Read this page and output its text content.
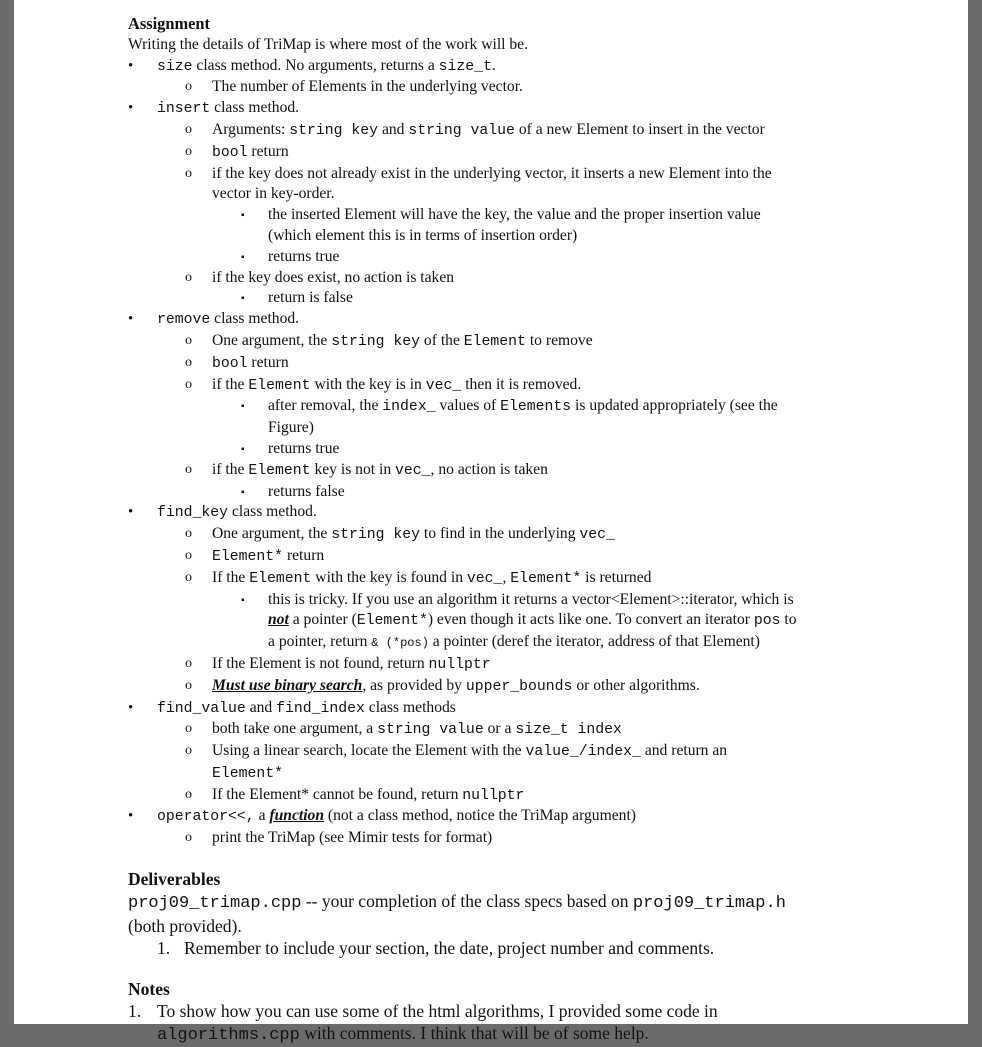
Assignment
Writing the details of TriMap is where most of the work will be.
• size class method. No arguments, returns a size_t.
o The number of Elements in the underlying vector.
• insert class method.
o Arguments: string key and string value of a new Element to insert in the vector
o bool return
o if the key does not already exist in the underlying vector, it inserts a new Element into the
vector in key-order.
▪ the inserted Element will have the key, the value and the proper insertion value
(which element this is in terms of insertion order)
▪ returns true
o if the key does exist, no action is taken
▪ return is false
• remove class method.
o One argument, the string key of the Element to remove
o bool return
o if the Element with the key is in vec_ then it is removed.
▪ after removal, the index_ values of Elements is updated appropriately (see the
Figure)
▪ returns true
o if the Element key is not in vec_, no action is taken
▪ returns false
• find_key class method.
o One argument, the string key to find in the underlying vec_
o Element* return
o If the Element with the key is found in vec_, Element* is returned
▪ this is tricky. If you use an algorithm it returns a vector<Element>::iterator, which is
not a pointer (Element*) even though it acts like one. To convert an iterator pos to
a pointer, return & (*pos) a pointer (deref the iterator, address of that Element)
o If the Element is not found, return nullptr
o Must use binary search, as provided by upper_bounds or other algorithms.
• find_value and find_index class methods
o both take one argument, a string value or a size_t index
o Using a linear search, locate the Element with the value_/index_ and return an
Element*
o If the Element* cannot be found, return nullptr
• operator<<, a function (not a class method, notice the TriMap argument)
o print the TriMap (see Mimir tests for format)
Deliverables
proj09_trimap.cpp -- your completion of the class specs based on proj09_trimap.h
(both provided).
1. Remember to include your section, the date, project number and comments.
Notes
1. To show how you can use some of the html algorithms, I provided some code in
algorithms.cpp with comments. I think that will be of some help.
